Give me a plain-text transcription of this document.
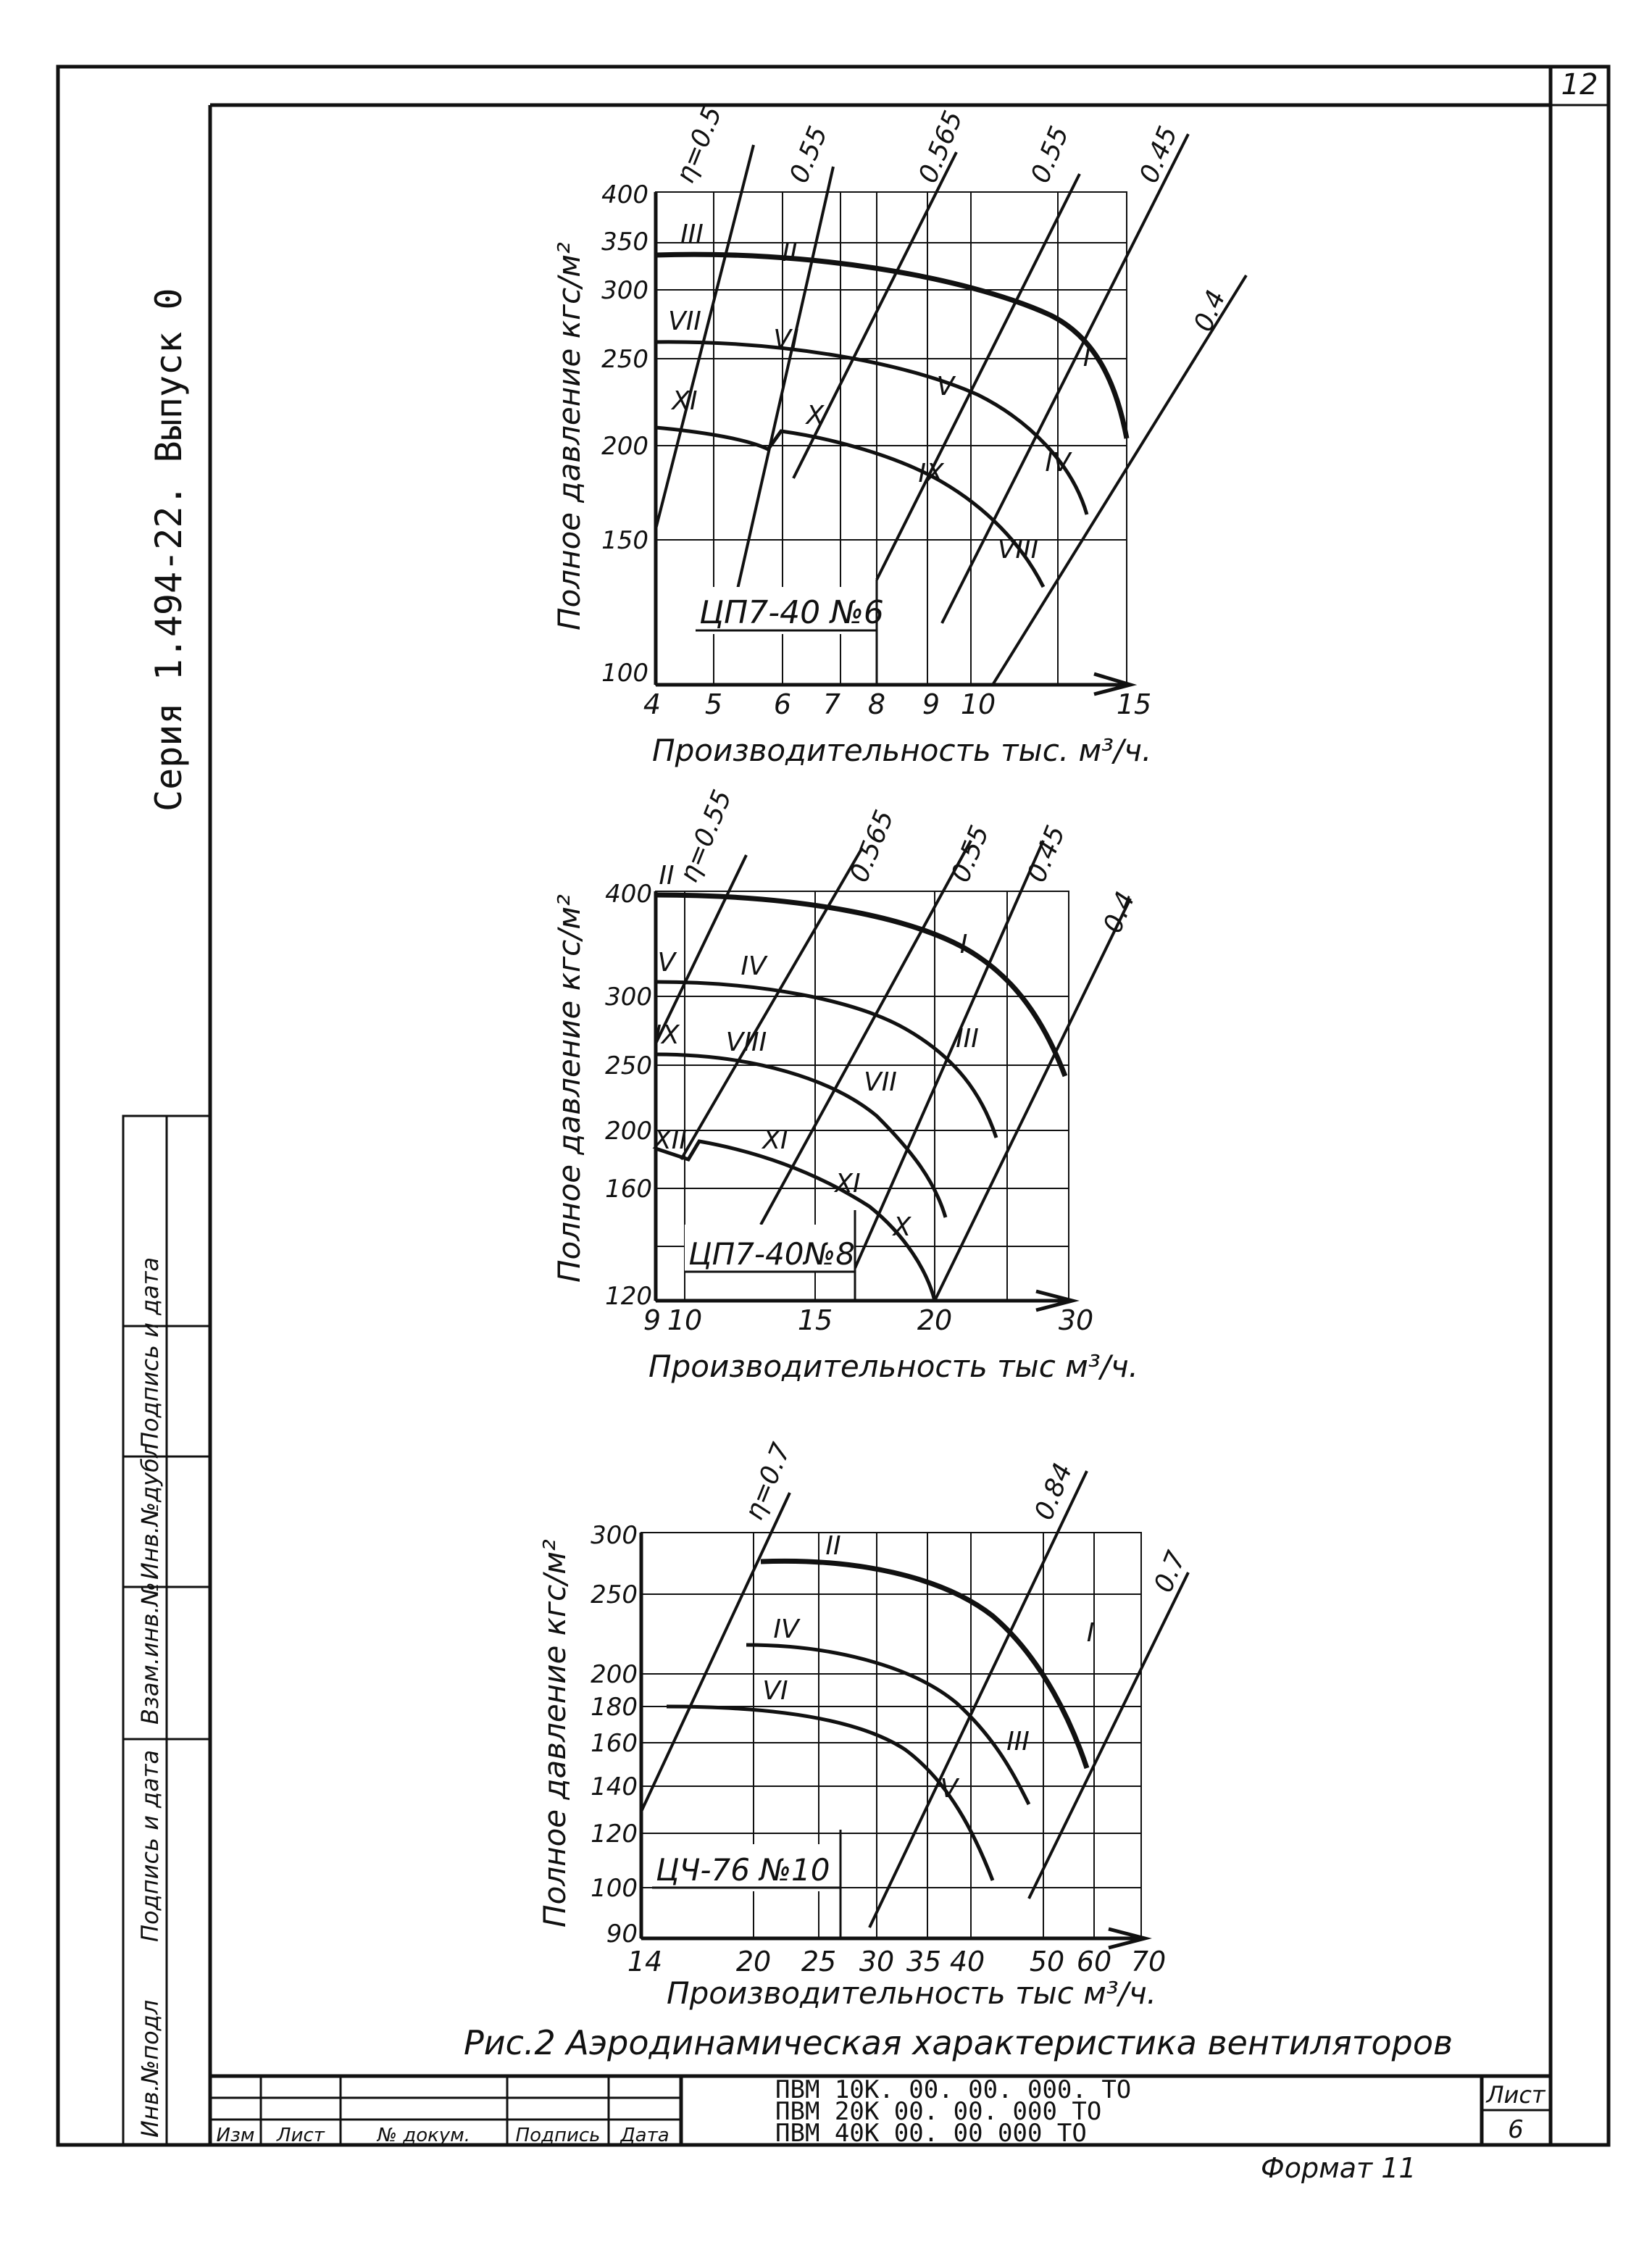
12
Серия 1.494-22. Выпуск 0
Инв.№подл
Подпись и дата
Взам.инв.№
Инв.№дубл
Подпись и дата
400
350
300
250
200
150
100
4 5 6 7 8 9 10	15
η=0.5 0.55	0.565 0.55 0.45
0.4
III
II
I
VII
VI
V
IV
XI	X
IX
VIII
ЦП7-40 №6
Полное давление кгс/м²
Производительность тыс. м³/ч.
400
300
250
200
160
120
9 10	15	20	30
η=0.55	0.565 0.55 0.45
0.4
II
I
V	IV
III
IX VIII
VII
XII	XI
XI
X
ЦП7-40№8
Полное давление кгс/м²
Производительность тыс м³/ч.
300
250
200
180
160
140
120
100
90
14	20 25 30 35 40 50 60 70
η=0.7	0.84
0.7
II
I
IV
III
VI
V
ЦЧ-76 №10
Полное давление кгс/м²
Производительность тыс м³/ч.
Рис.2 Аэродинамическая характеристика вентиляторов
Изм Лист	№ докум. Подпись Дата
ПВМ 10К. 00. 00. 000. ТО
ПВМ 20К 00. 00. 000 ТО
ПВМ 40К 00. 00 000 ТО
Лист
6
Формат 11
